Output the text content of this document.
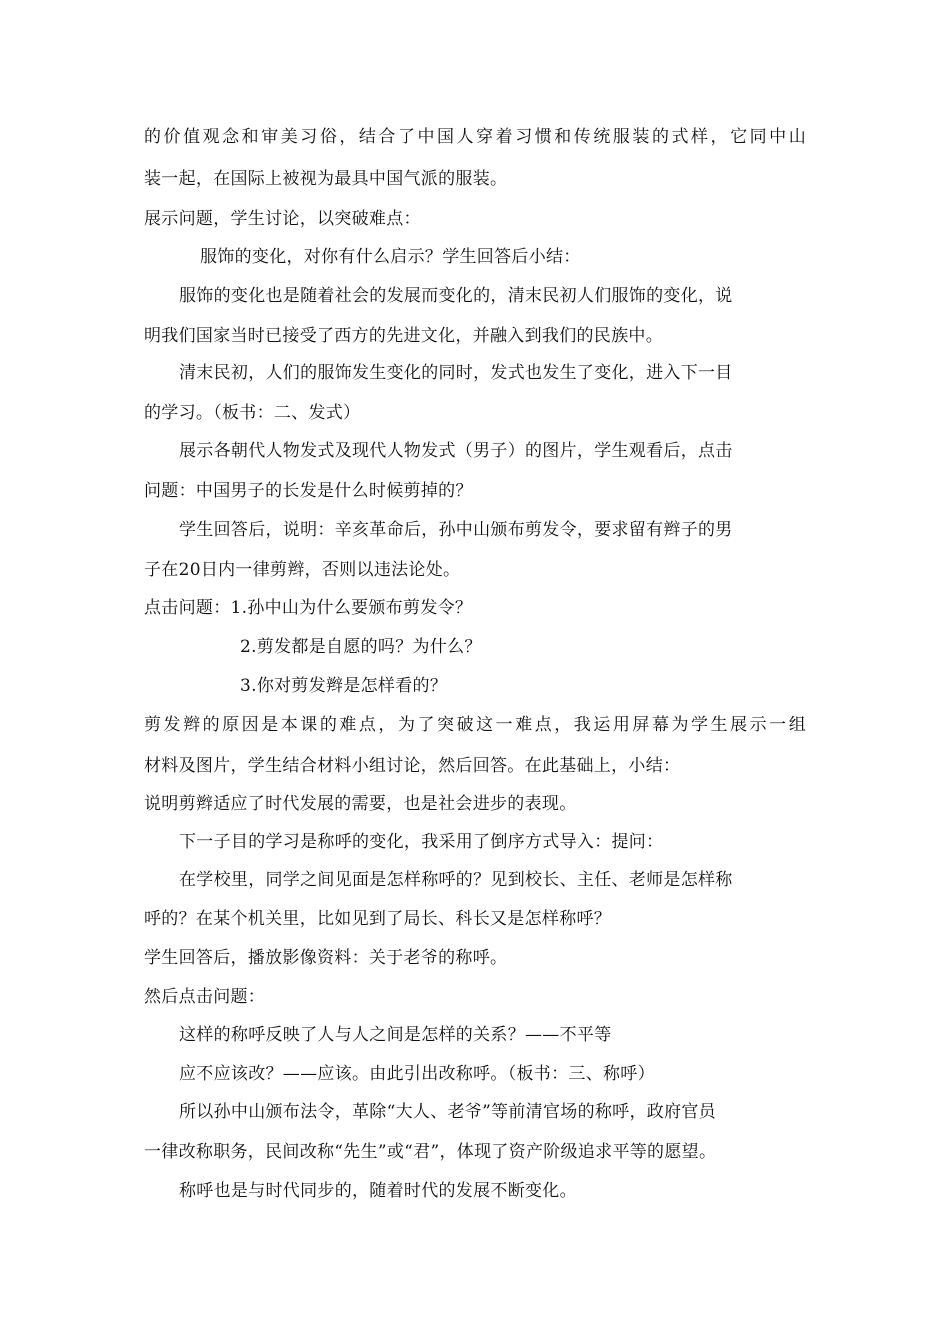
的价值观念和审美习俗，结合了中国人穿着习惯和传统服装的式样，它同中山
装一起，在国际上被视为最具中国气派的服装。
展示问题，学生讨论，以突破难点：
服饰的变化，对你有什么启示？学生回答后小结：
服饰的变化也是随着社会的发展而变化的，清末民初人们服饰的变化，说
明我们国家当时已接受了西方的先进文化，并融入到我们的民族中。
清末民初，人们的服饰发生变化的同时，发式也发生了变化，进入下一目
的学习。（板书：二、发式）
展示各朝代人物发式及现代人物发式（男子）的图片，学生观看后，点击
问题：中国男子的长发是什么时候剪掉的？
学生回答后，说明：辛亥革命后，孙中山颁布剪发令，要求留有辫子的男
子在20日内一律剪辫，否则以违法论处。
点击问题：1.孙中山为什么要颁布剪发令？
2.剪发都是自愿的吗？为什么？
3.你对剪发辫是怎样看的？
剪发辫的原因是本课的难点，为了突破这一难点，我运用屏幕为学生展示一组
材料及图片，学生结合材料小组讨论，然后回答。在此基础上，小结：
说明剪辫适应了时代发展的需要，也是社会进步的表现。
下一子目的学习是称呼的变化，我采用了倒序方式导入：提问：
在学校里，同学之间见面是怎样称呼的？见到校长、主任、老师是怎样称
呼的？在某个机关里，比如见到了局长、科长又是怎样称呼？
学生回答后，播放影像资料：关于老爷的称呼。
然后点击问题：
这样的称呼反映了人与人之间是怎样的关系？——不平等
应不应该改？——应该。由此引出改称呼。（板书：三、称呼）
所以孙中山颁布法令，革除“大人、老爷”等前清官场的称呼，政府官员
一律改称职务，民间改称“先生”或“君”，体现了资产阶级追求平等的愿望。
称呼也是与时代同步的，随着时代的发展不断变化。
